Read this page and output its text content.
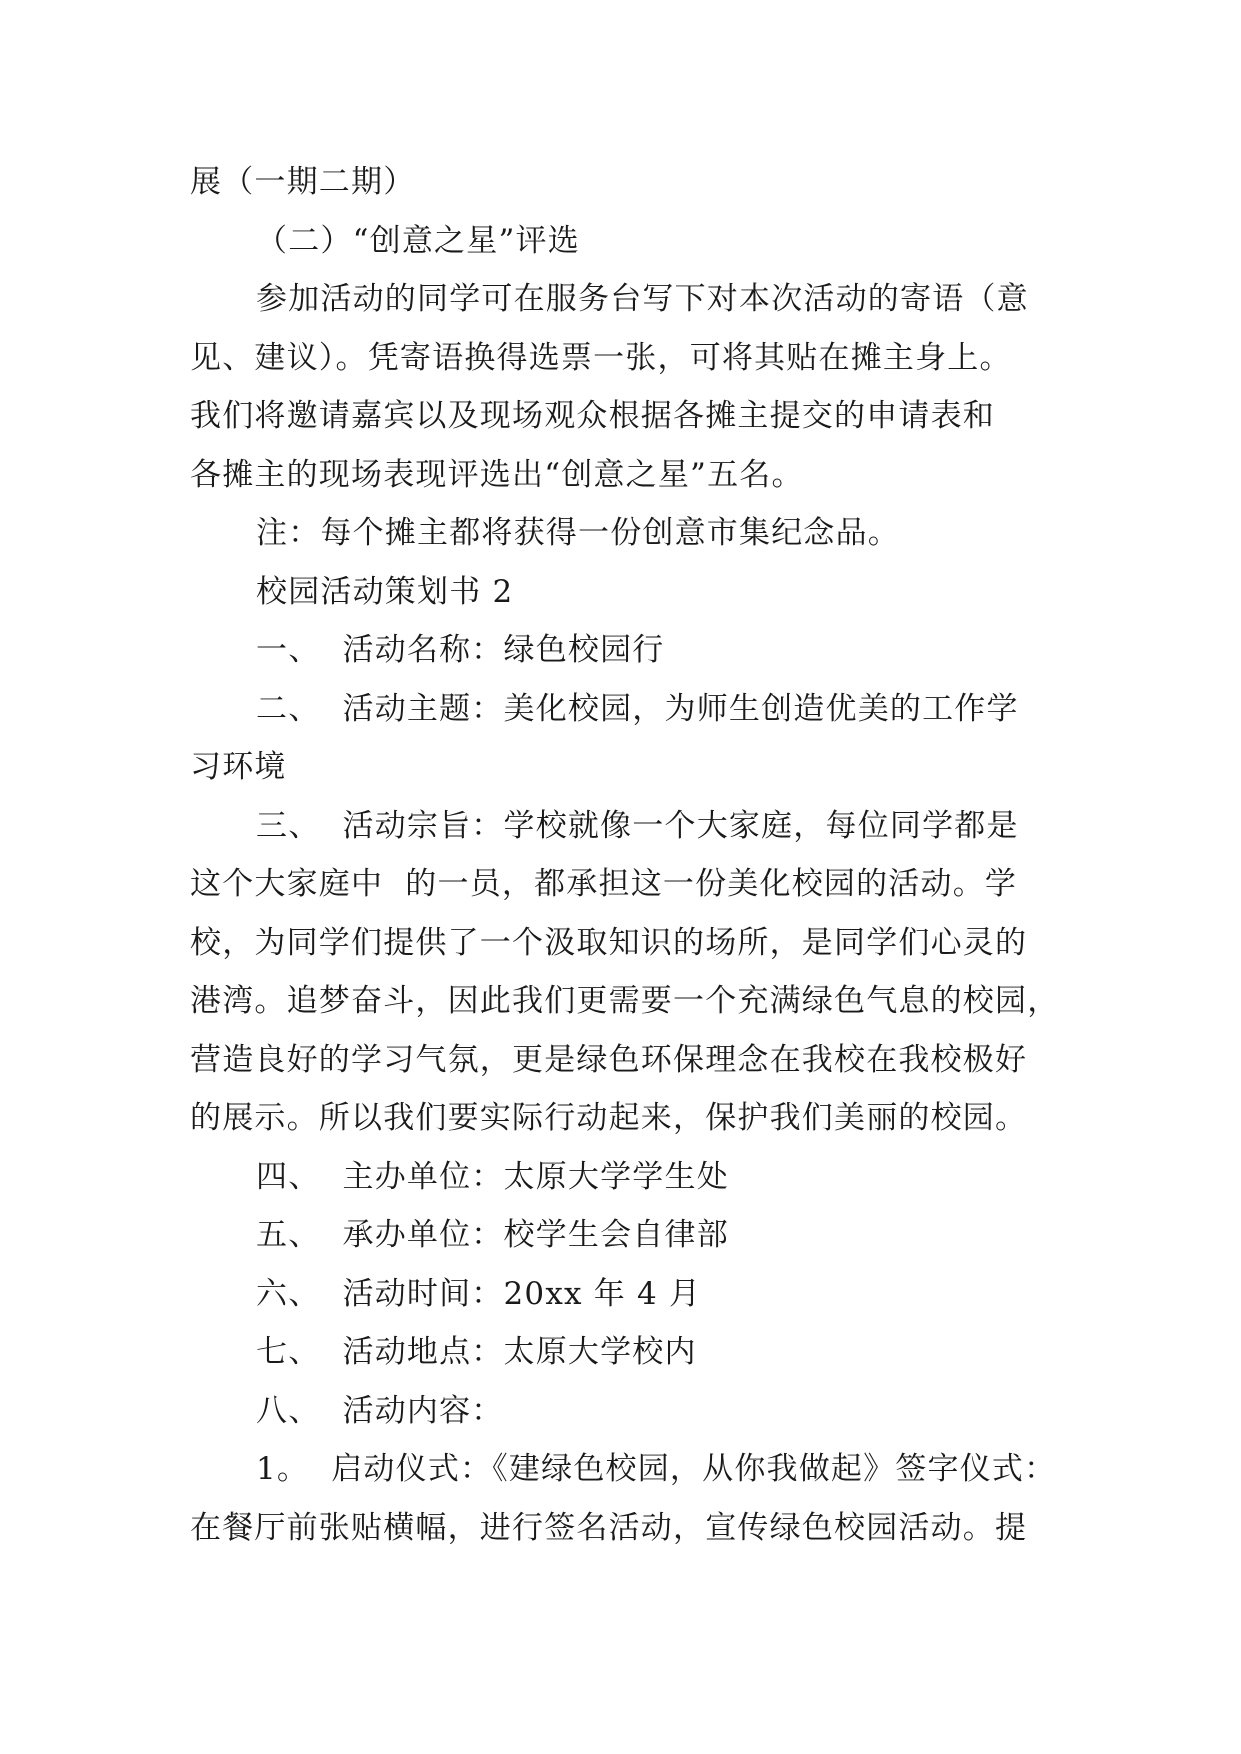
展（一期二期）
（二）“创意之星”评选
参加活动的同学可在服务台写下对本次活动的寄语（意
见、建议）。凭寄语换得选票一张，可将其贴在摊主身上。
我们将邀请嘉宾以及现场观众根据各摊主提交的申请表和
各摊主的现场表现评选出“创意之星”五名。
注：每个摊主都将获得一份创意市集纪念品。
校园活动策划书 2
一、  活动名称：绿色校园行
二、  活动主题：美化校园，为师生创造优美的工作学
习环境
三、  活动宗旨：学校就像一个大家庭，每位同学都是
这个大家庭中  的一员，都承担这一份美化校园的活动。学
校，为同学们提供了一个汲取知识的场所，是同学们心灵的
港湾。追梦奋斗，因此我们更需要一个充满绿色气息的校园，
营造良好的学习气氛，更是绿色环保理念在我校在我校极好
的展示。所以我们要实际行动起来，保护我们美丽的校园。
四、  主办单位：太原大学学生处
五、  承办单位：校学生会自律部
六、  活动时间：20xx 年 4 月
七、  活动地点：太原大学校内
八、  活动内容：
1。  启动仪式：《建绿色校园，从你我做起》签字仪式：
在餐厅前张贴横幅，进行签名活动，宣传绿色校园活动。提
